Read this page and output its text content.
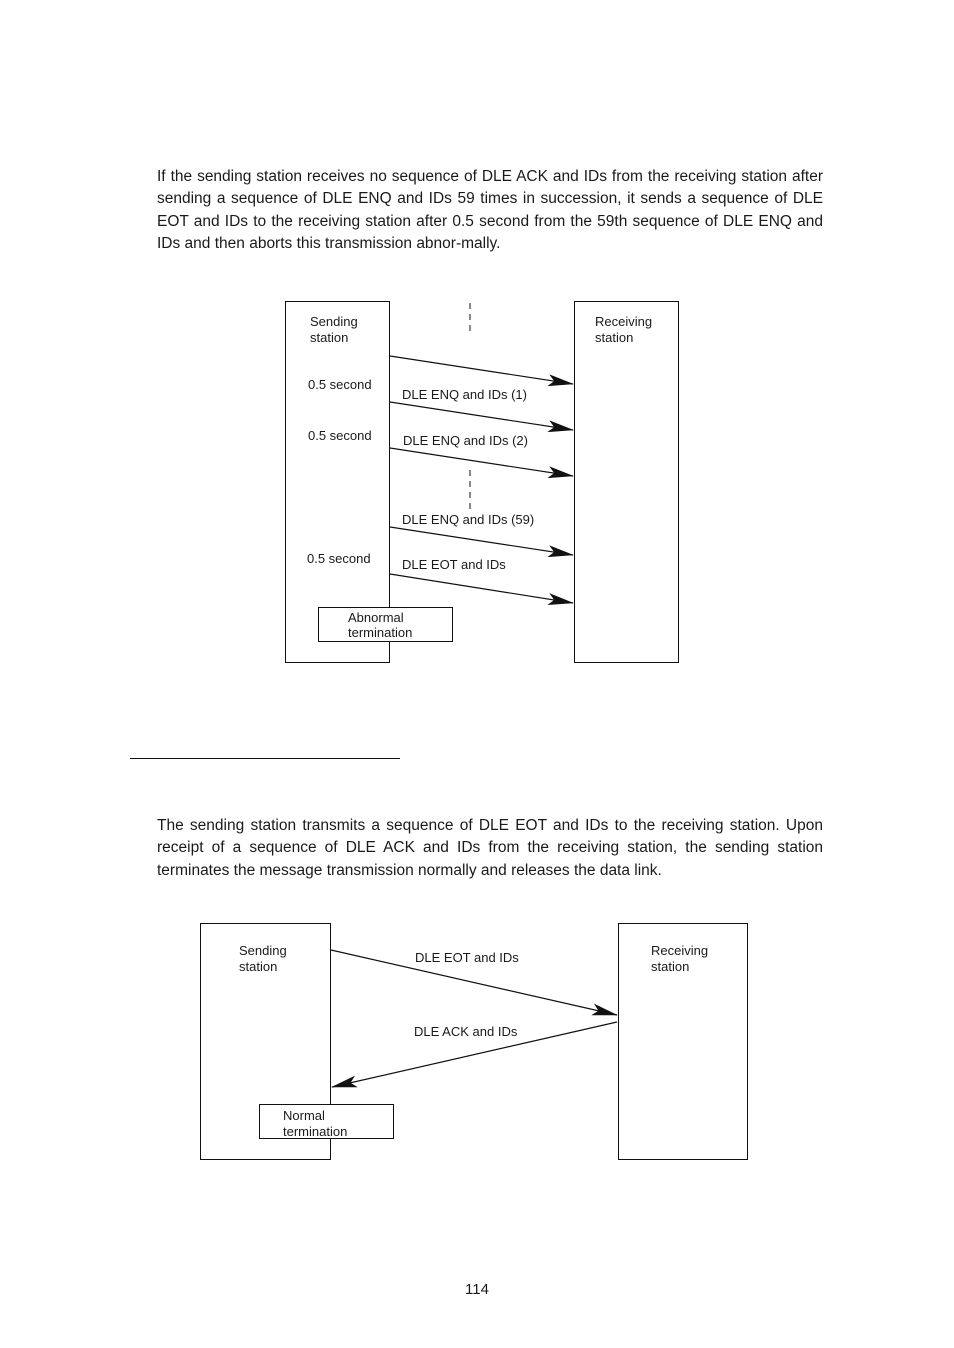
If the sending station receives no sequence of DLE ACK and IDs from the receiving station after sending a sequence of DLE ENQ and IDs 59 times in succession, it sends a sequence of DLE EOT and IDs to the receiving station after 0.5 second from the 59th sequence of DLE ENQ and IDs and then aborts this transmission abnor-mally.
Sending
station
Receiving
station
0.5 second
0.5 second
0.5 second
DLE ENQ and IDs (1)
DLE ENQ and IDs (2)
DLE ENQ and IDs (59)
DLE EOT and IDs
Abnormal
termination
Sending
station
Receiving
station
DLE EOT and IDs
DLE ACK and IDs
Normal
termination
The sending station transmits a sequence of DLE EOT and IDs to the receiving station. Upon receipt of a sequence of DLE ACK and IDs from the receiving station, the sending station terminates the message transmission normally and releases the data link.
114
